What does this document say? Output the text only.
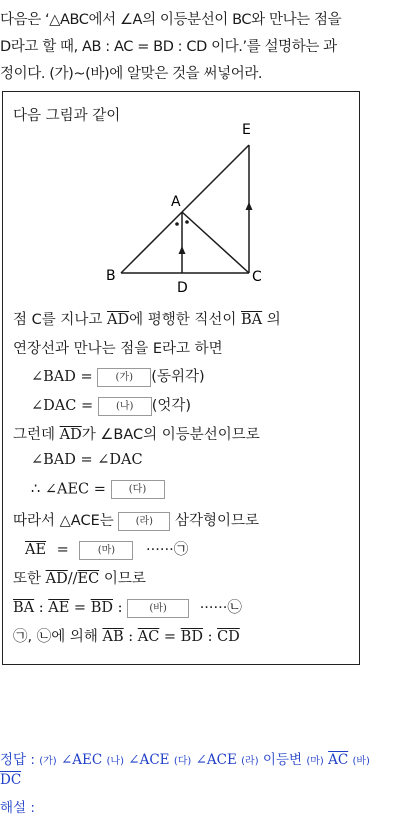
다음은 ‘△ABC에서 ∠A의 이등분선이 BC와 만나는 점을
D라고 할 때, AB : AC = BD : CD 이다.’를 설명하는 과
정이다. (가)~(바)에 알맞은 것을 써넣어라.
다음 그림과 같이
E
A
B	C
D
점 C를 지나고 $\overline{AD}$에 평행한 직선이 $\overline{BA}$ 의
연장선과 만나는 점을 E라고 하면
∠BAD = (가) (동위각)
∠DAC = (나) (엇각)
그런데 $\overline{AD}$가 ∠BAC의 이등분선이므로
∠BAD = ∠DAC
∴ ∠AEC = (다)
따라서 △ACE는 (라) 삼각형이므로
$\overline{AE}$ =	(마) ······㉠
또한 $\overline{AD}//\overline{EC}$ 이므로
$\overline{BA}$ : $\overline{AE} = \overline{BD}$ :	(바) ······㉡
㉠, ㉡에 의해 $\overline{AB}$ : $\overline{AC} = \overline{BD}$ : $\overline{CD}$
정답 : (가) ∠AEC (나) ∠ACE (다) ∠ACE (라) 이등변 (마) $\overline{AC}$ (바)
$\overline{DC}$
해설 :
